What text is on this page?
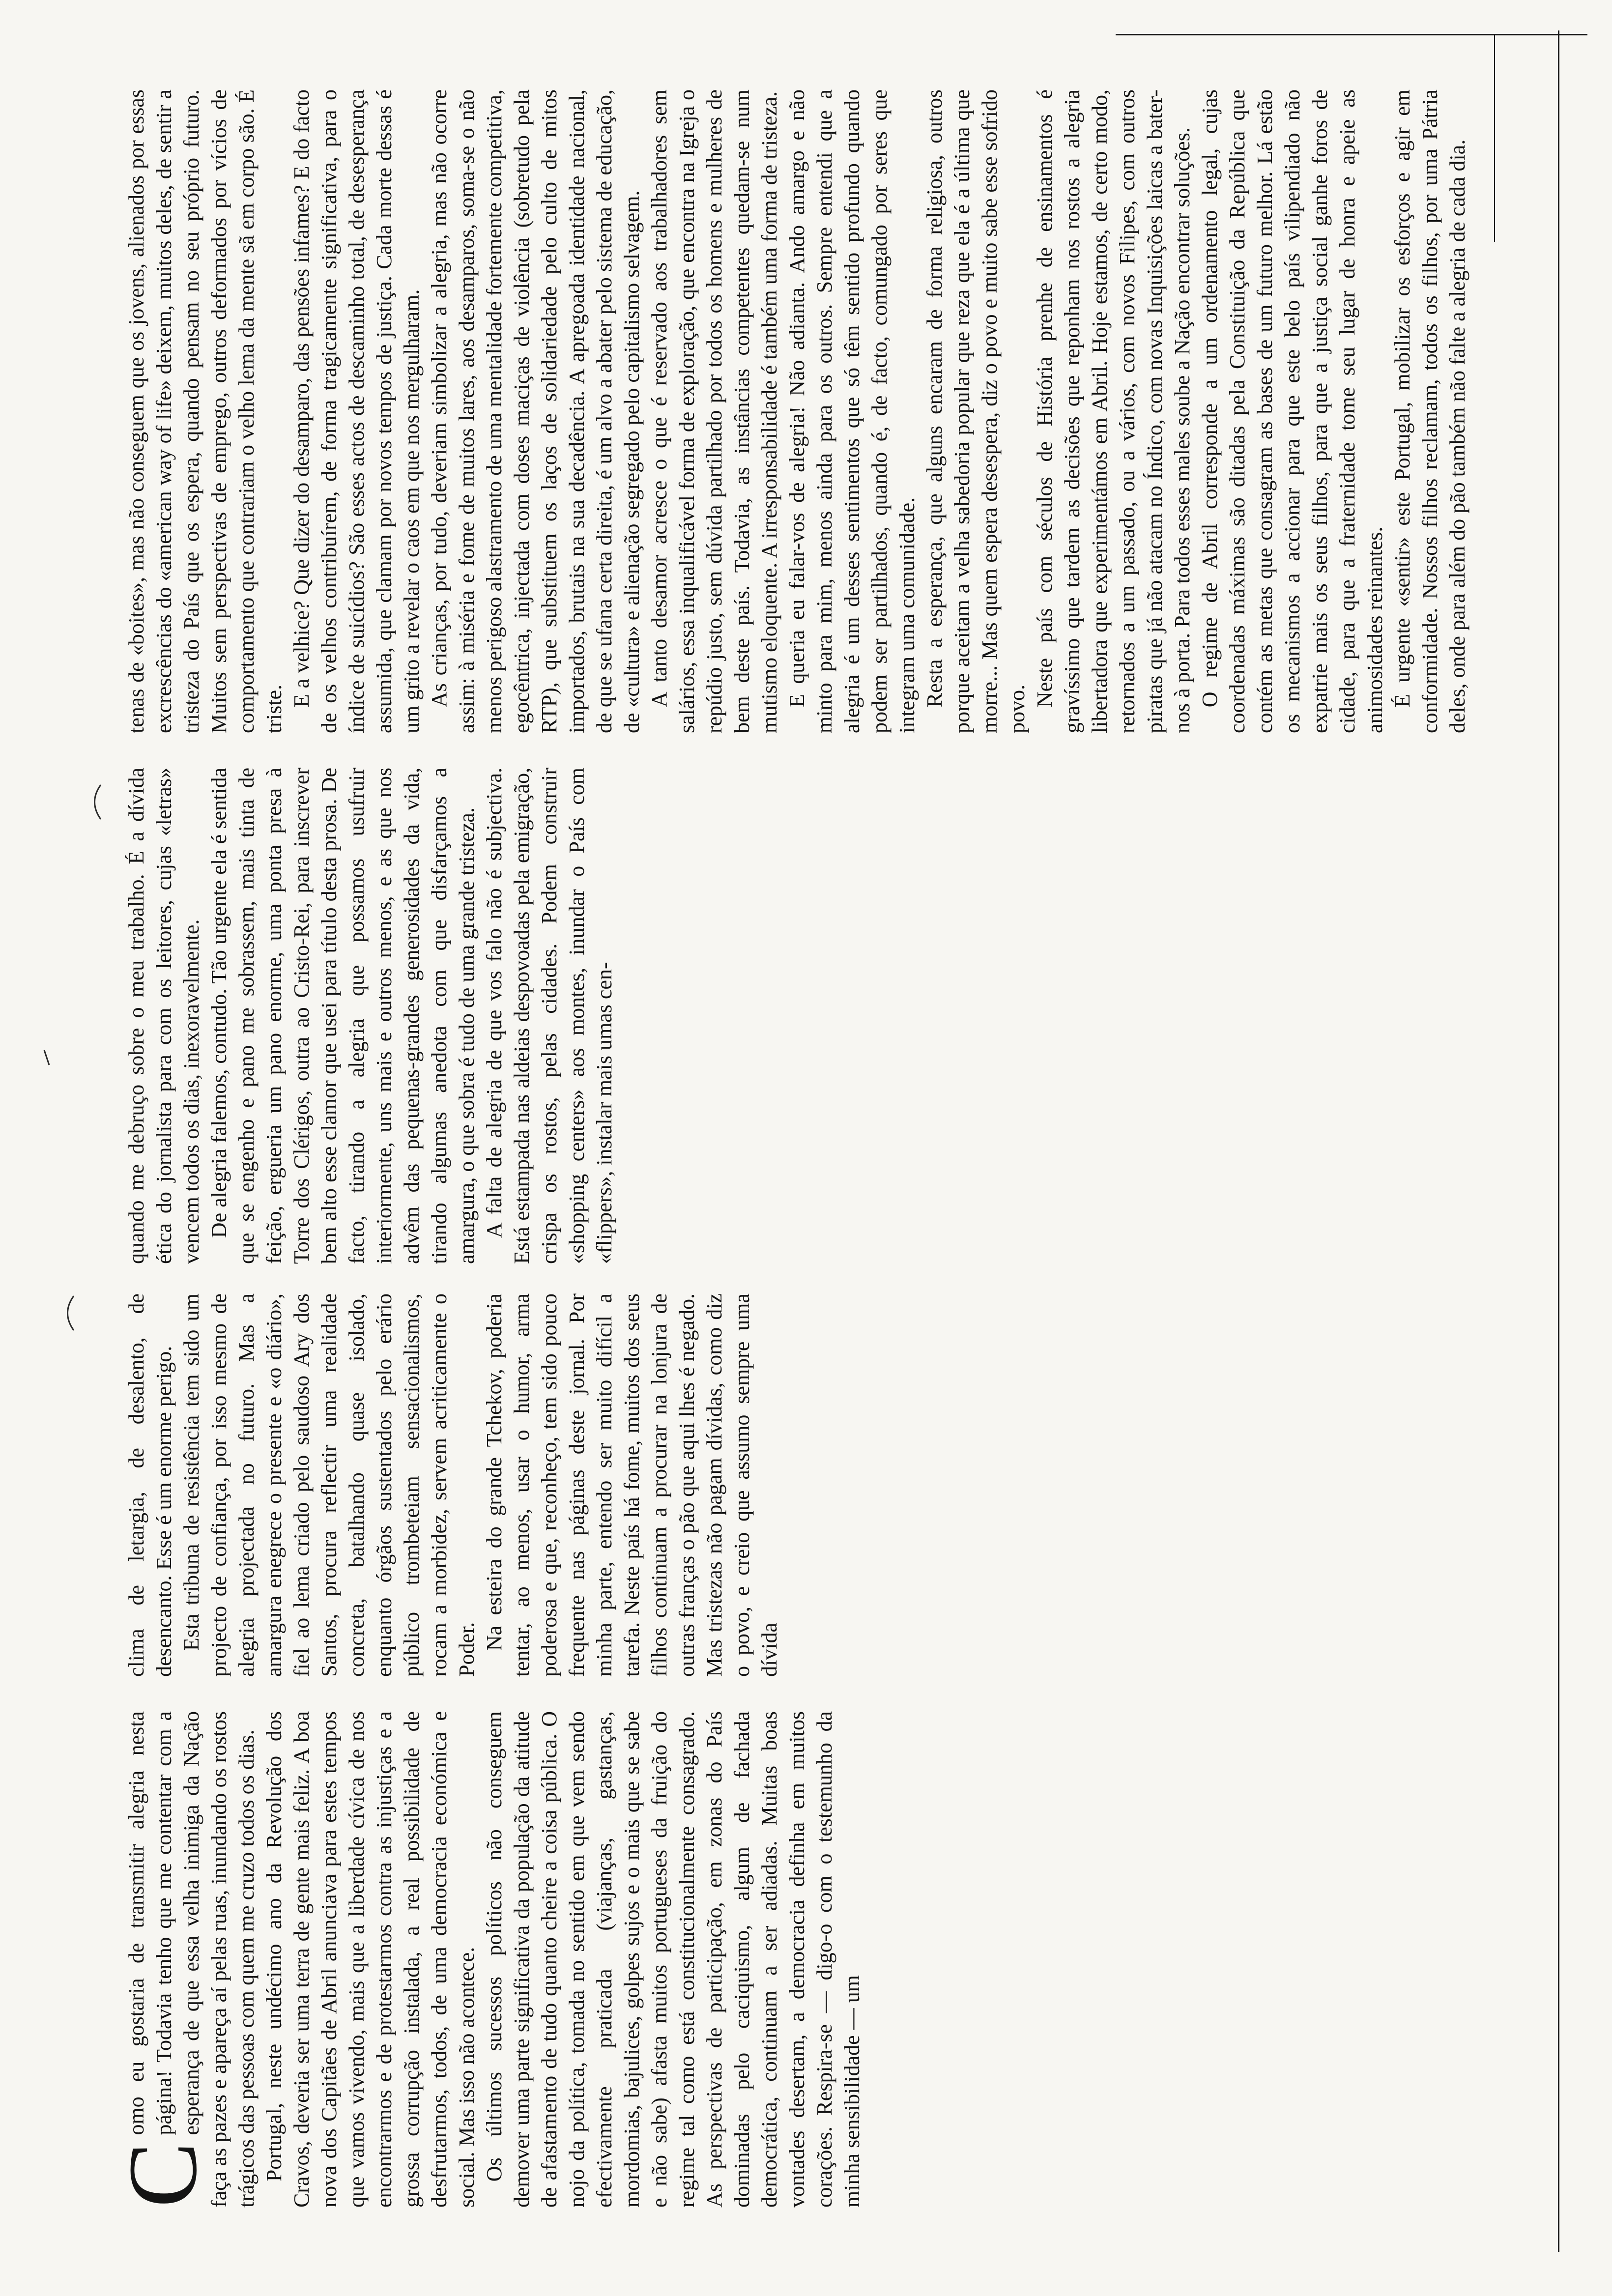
C
omo eu gostaria de transmitir alegria nesta página! Todavia tenho que me contentar com a esperança de que essa velha inimiga da Nação faça as pazes e apareça aí pelas ruas, inundando os rostos trágicos das pessoas com quem me cruzo todos os dias. Portugal, neste undécimo ano da Revolução dos Cravos, deveria ser uma terra de gente mais feliz. A boa nova dos Capitães de Abril anunciava para estes tempos que vamos vivendo, mais que a liberdade cívica de nos encontrarmos e de protestarmos contra as injustiças e a grossa corrupção instalada, a real possibilidade de desfrutarmos, todos, de uma democracia económica e social. Mas isso não acontece. Os últimos sucessos políticos não conseguem demover uma parte significativa da população da atitude de afastamento de tudo quanto cheire a coisa pública. O nojo da política, tomada no sentido em que vem sendo efectivamente praticada (viajanças, gastanças, mordomias, bajulices, golpes sujos e o mais que se sabe e não sabe) afasta muitos portugueses da fruição do regime tal como está constitucionalmente consagrado. As perspectivas de participação, em zonas do País dominadas pelo caciquismo, algum de fachada democrática, continuam a ser adiadas. Muitas boas vontades desertam, a democracia definha em muitos corações. Respira-se — digo-o com o testemunho da minha sensibilidade — um

clima de letargia, de desalento, de desencanto. Esse é um enorme perigo. Esta tribuna de resistência tem sido um projecto de confiança, por isso mesmo de alegria projectada no futuro. Mas a amargura enegrece o presente e «o diário», fiel ao lema criado pelo saudoso Ary dos Santos, procura reflectir uma realidade concreta, batalhando quase isolado, enquanto órgãos sustentados pelo erário público trombeteiam sensacionalismos, rocam a morbidez, servem acriticamente o Poder. Na esteira do grande Tchekov, poderia tentar, ao menos, usar o humor, arma poderosa e que, reconheço, tem sido pouco frequente nas páginas deste jornal. Por minha parte, entendo ser muito difícil a tarefa. Neste país há fome, muitos dos seus filhos continuam a procurar na lonjura de outras franças o pão que aqui lhes é negado. Mas tristezas não pagam dívidas, como diz o povo, e creio que assumo sempre uma dívida

quando me debruço sobre o meu trabalho. É a dívida ética do jornalista para com os leitores, cujas «letras» vencem todos os dias, inexoravelmente. De alegria falemos, contudo. Tão urgente ela é sentida que se engenho e pano me sobrassem, mais tinta de feição, ergueria um pano enorme, uma ponta presa à Torre dos Clérigos, outra ao Cristo-Rei, para inscrever bem alto esse clamor que usei para título desta prosa. De facto, tirando a alegria que possamos usufruir interiormente, uns mais e outros menos, e as que nos advêm das pequenas-grandes generosidades da vida, tirando algumas anedota com que disfarçamos a amargura, o que sobra é tudo de uma grande tristeza. A falta de alegria de que vos falo não é subjectiva. Está estampada nas aldeias despovoadas pela emigração, crispa os rostos, pelas cidades. Podem construir «shopping centers» aos montes, inundar o País com «flippers», instalar mais umas cen-

tenas de «boites», mas não conseguem que os jovens, alienados por essas excrescências do «american way of life» deixem, muitos deles, de sentir a tristeza do País que os espera, quando pensam no seu próprio futuro. Muitos sem perspectivas de emprego, outros deformados por vícios de comportamento que contrariam o velho lema da mente sã em corpo são. É triste.

E a velhice? Que dizer do desamparo, das pensões infames? E do facto de os velhos contribuírem, de forma tragicamente significativa, para o índice de suicídios? São esses actos de descaminho total, de desesperança assumida, que clamam por novos tempos de justiça. Cada morte dessas é um grito a revelar o caos em que nos mergulharam. As crianças, por tudo, deveriam simbolizar a alegria, mas não ocorre assim: à miséria e fome de muitos lares, aos desamparos, soma-se o não menos perigoso alastramento de uma mentalidade fortemente competitiva, egocêntrica, injectada com doses maciças de violência (sobretudo pela RTP), que substituem os laços de solidariedade pelo culto de mitos importados, brutais na sua decadência. A apregoada identidade nacional, de que se ufana certa direita, é um alvo a abater pelo sistema de educação, de «cultura» e alienação segregado pelo capitalismo selvagem. A tanto desamor acresce o que é reservado aos trabalhadores sem salários, essa inqualificável forma de exploração, que encontra na Igreja o repúdio justo, sem dúvida partilhado por todos os homens e mulheres de bem deste país. Todavia, as instâncias competentes quedam-se num mutismo eloquente. A irresponsabilidade é também uma forma de tristeza. E queria eu falar-vos de alegria! Não adianta. Ando amargo e não minto para mim, menos ainda para os outros. Sempre entendi que a alegria é um desses sentimentos que só têm sentido profundo quando podem ser partilhados, quando é, de facto, comungado por seres que integram uma comunidade. Resta a esperança, que alguns encaram de forma religiosa, outros porque aceitam a velha sabedoria popular que reza que ela é a última que morre... Mas quem espera desespera, diz o povo e muito sabe esse sofrido povo.

Neste país com séculos de História prenhe de ensinamentos é gravíssimo que tardem as decisões que reponham nos rostos a alegria libertadora que experimentámos em Abril. Hoje estamos, de certo modo, retornados a um passado, ou a vários, com novos Filipes, com outros piratas que já não atacam no Índico, com novas Inquisições laicas a bater-nos à porta. Para todos esses males soube a Nação encontrar soluções. O regime de Abril corresponde a um ordenamento legal, cujas coordenadas máximas são ditadas pela Constituição da República que contém as metas que consagram as bases de um futuro melhor. Lá estão os mecanismos a accionar para que este belo país vilipendiado não expatrie mais os seus filhos, para que a justiça social ganhe foros de cidade, para que a fraternidade tome seu lugar de honra e apeie as animosidades reinantes. É urgente «sentir» este Portugal, mobilizar os esforços e agir em conformidade. Nossos filhos reclamam, todos os filhos, por uma Pátria deles, onde para além do pão também não falte a alegria de cada dia.
